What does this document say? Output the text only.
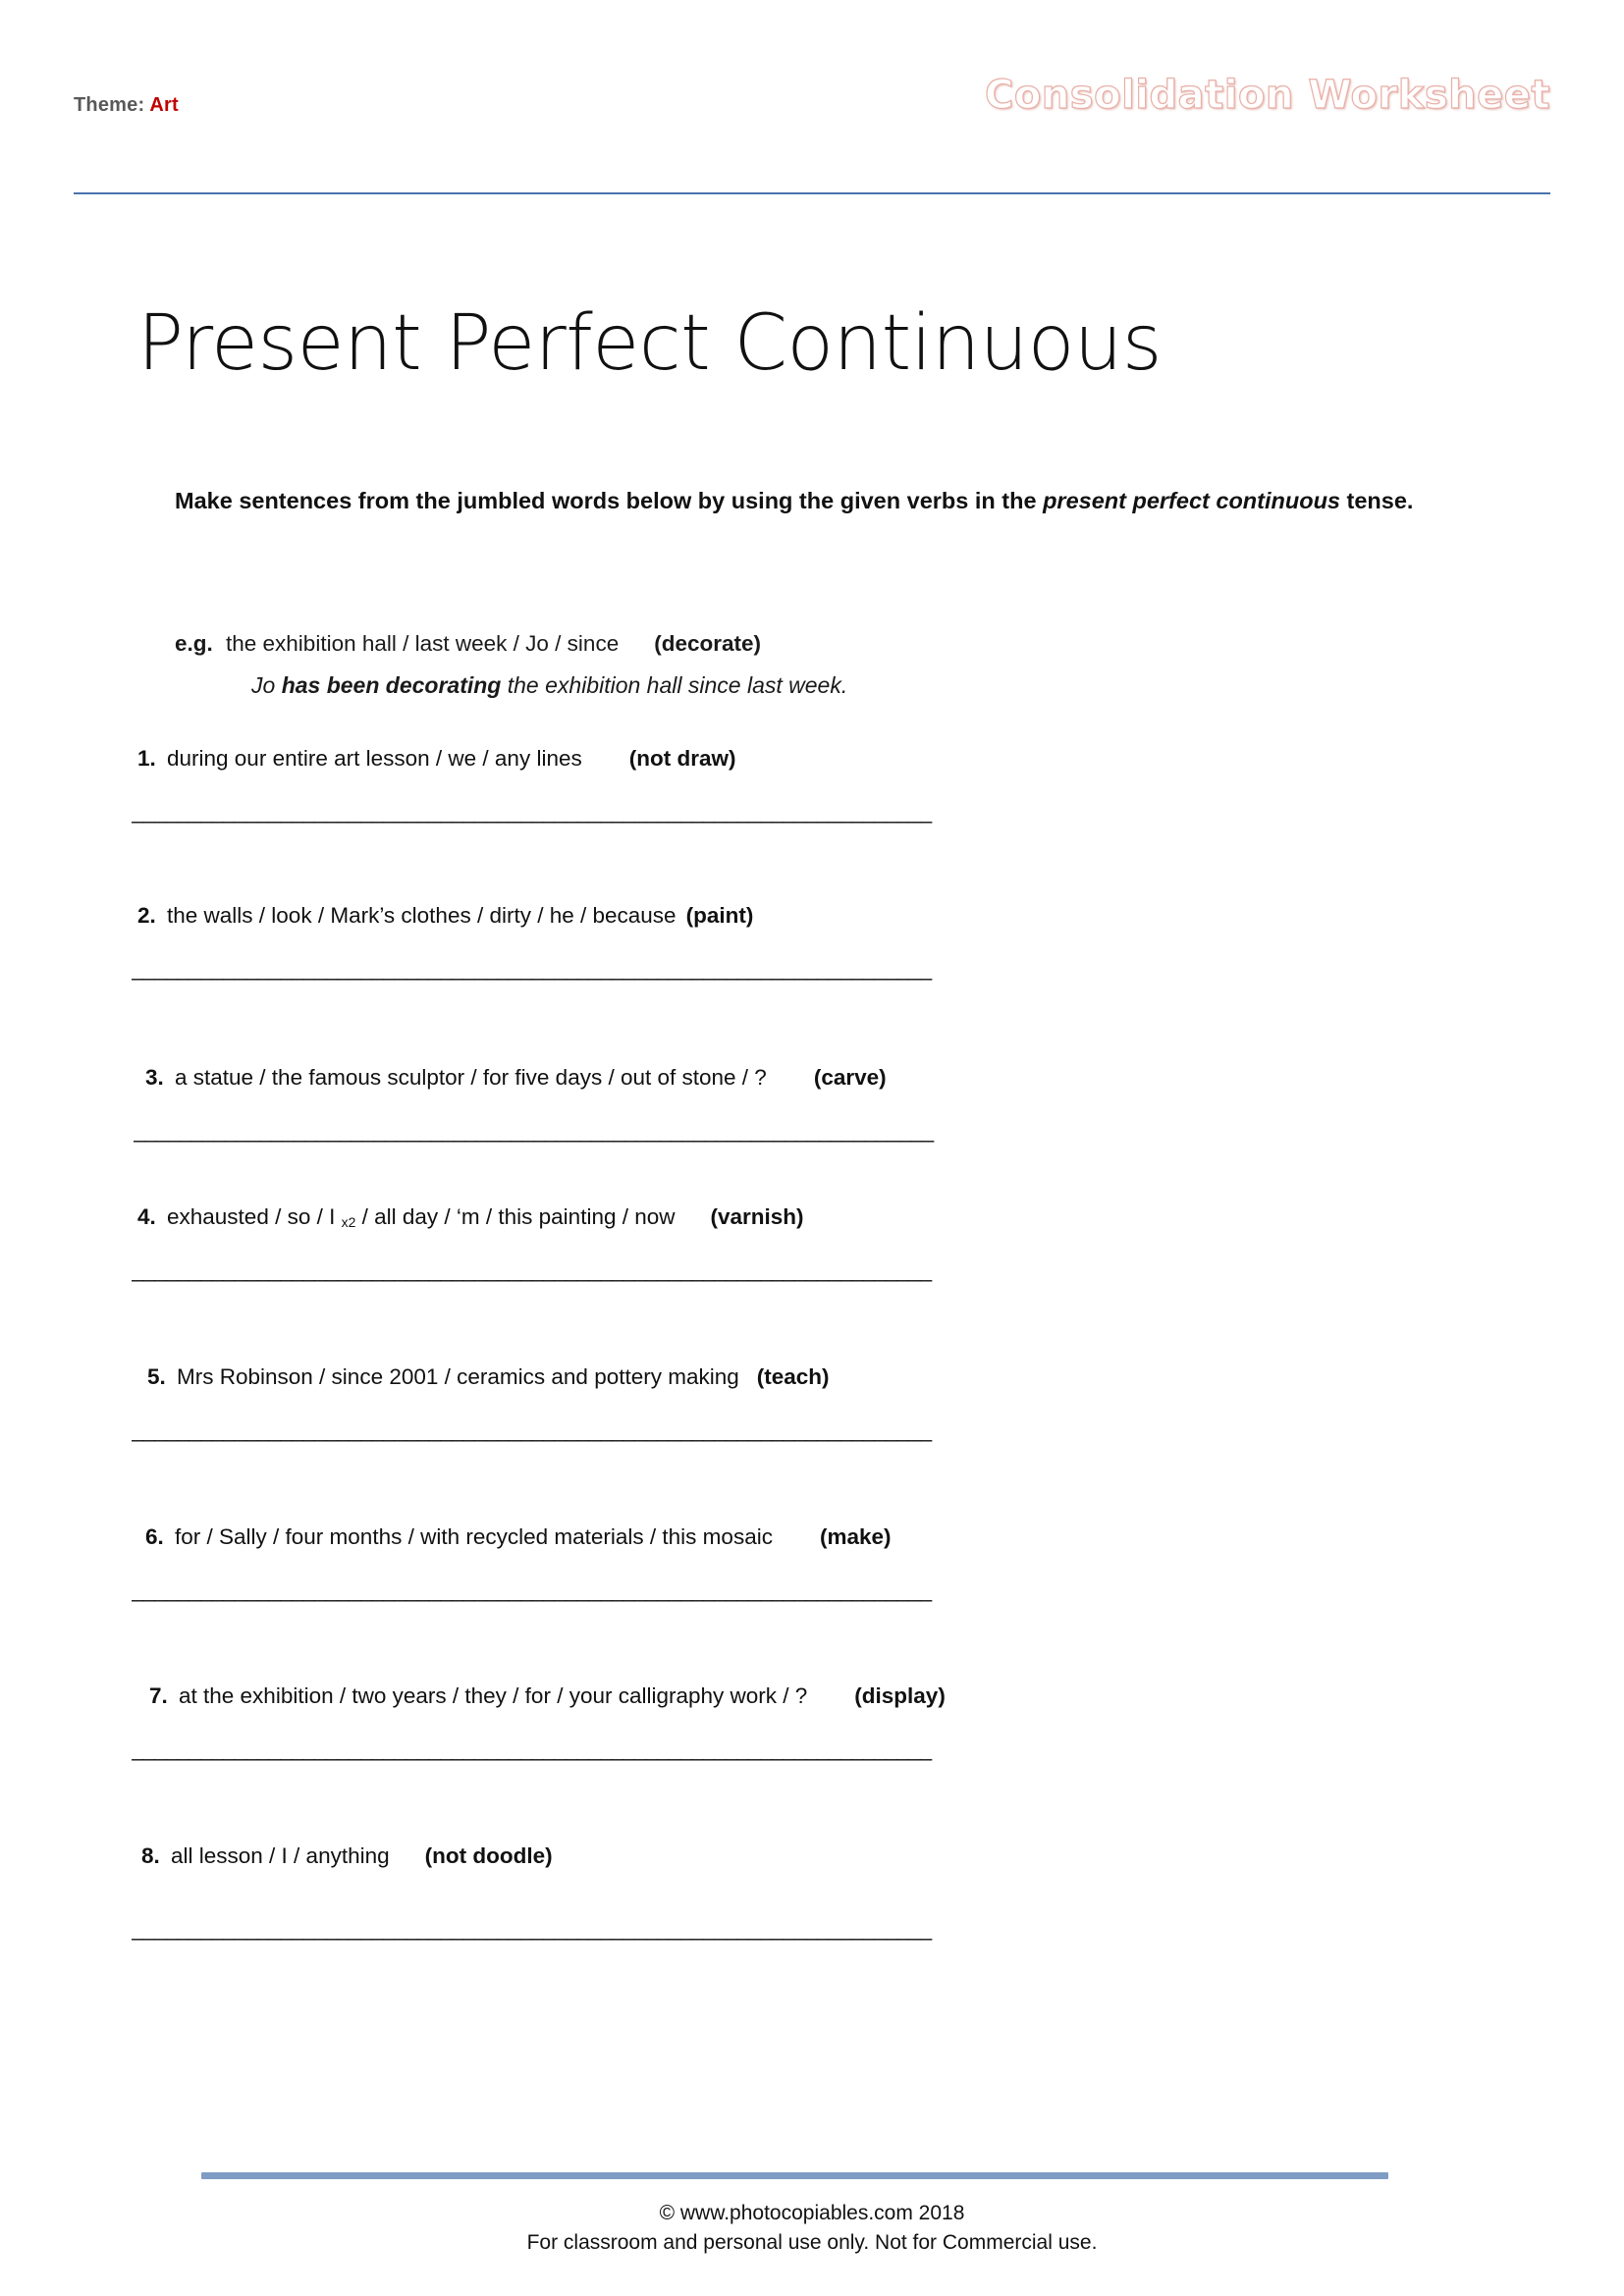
Theme: Art	Consolidation Worksheet
Present Perfect Continuous
Make sentences from the jumbled words below by using the given verbs in the present perfect continuous tense.
e.g. the exhibition hall / last week / Jo / since (decorate)
Jo has been decorating the exhibition hall since last week.
1. during our entire art lesson / we / any lines (not draw)
______________________________________________________________________
2. the walls / look / Mark’s clothes / dirty / he / because (paint)
______________________________________________________________________
3. a statue / the famous sculptor / for five days / out of stone / ? (carve)
______________________________________________________________________
4. exhausted / so / I $_{x2}$ / all day / ‘m / this painting / now (varnish)
______________________________________________________________________
5. Mrs Robinson / since 2001 / ceramics and pottery making (teach)
______________________________________________________________________
6. for / Sally / four months / with recycled materials / this mosaic (make)
______________________________________________________________________
7. at the exhibition / two years / they / for / your calligraphy work / ? (display)
______________________________________________________________________
8. all lesson / I / anything (not doodle)
______________________________________________________________________
© www.photocopiables.com 2018
For classroom and personal use only. Not for Commercial use.
